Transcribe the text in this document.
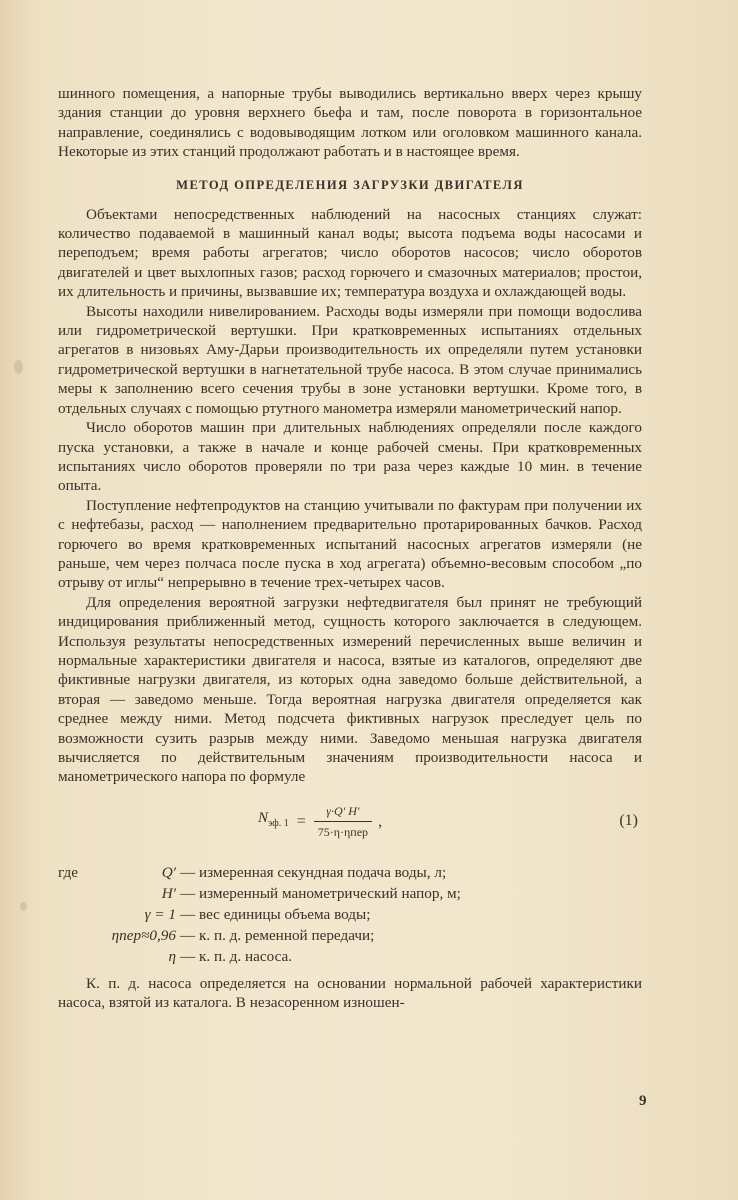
шинного помещения, а напорные трубы выводились вертикально вверх через крышу здания станции до уровня верхнего бьефа и там, после поворота в горизонтальное направление, соединялись с водовыводящим лотком или оголовком машинного канала. Некоторые из этих станций продолжают работать и в настоящее время.

МЕТОД ОПРЕДЕЛЕНИЯ ЗАГРУЗКИ ДВИГАТЕЛЯ

Объектами непосредственных наблюдений на насосных станциях служат: количество подаваемой в машинный канал воды; высота подъема воды насосами и переподъем; время работы агрегатов; число оборотов насосов; число оборотов двигателей и цвет выхлопных газов; расход горючего и смазочных материалов; простои, их длительность и причины, вызвавшие их; температура воздуха и охлаждающей воды.

Высоты находили нивелированием. Расходы воды измеряли при помощи водослива или гидрометрической вертушки. При кратковременных испытаниях отдельных агрегатов в низовьях Аму-Дарьи производительность их определяли путем установки гидрометрической вертушки в нагнетательной трубе насоса. В этом случае принимались меры к заполнению всего сечения трубы в зоне установки вертушки. Кроме того, в отдельных случаях с помощью ртутного манометра измеряли манометрический напор.

Число оборотов машин при длительных наблюдениях определяли после каждого пуска установки, а также в начале и конце рабочей смены. При кратковременных испытаниях число оборотов проверяли по три раза через каждые 10 мин. в течение опыта.

Поступление нефтепродуктов на станцию учитывали по фактурам при получении их с нефтебазы, расход — наполнением предварительно протарированных бачков. Расход горючего во время кратковременных испытаний насосных агрегатов измеряли (не раньше, чем через полчаса после пуска в ход агрегата) объемно-весовым способом „по отрыву от иглы“ непрерывно в течение трех-четырех часов.

Для определения вероятной загрузки нефтедвигателя был принят не требующий индицирования приближенный метод, сущность которого заключается в следующем. Используя результаты непосредственных измерений перечисленных выше величин и нормальные характеристики двигателя и насоса, взятые из каталогов, определяют две фиктивные нагрузки двигателя, из которых одна заведомо больше действительной, а вторая — заведомо меньше. Тогда вероятная нагрузка двигателя определяется как среднее между ними. Метод подсчета фиктивных нагрузок преследует цель по возможности сузить разрыв между ними. Заведомо меньшая нагрузка двигателя вычисляется по действительным значениям производительности насоса и манометрического напора по формуле

$N_{эф. 1} = \frac{\gamma\cdot Q' H'}{\text{75·η·ηпер}}$ ,	(1)
где	Q′ — измеренная секундная подача воды, л;
H′ — измеренный манометрический напор, м;
γ = 1 — вес единицы объема воды;
ηпер≈0,96 — к. п. д. ременной передачи;
η — к. п. д. насоса.

К. п. д. насоса определяется на основании нормальной рабочей характеристики насоса, взятой из каталога. В незасоренном изношен-

9
